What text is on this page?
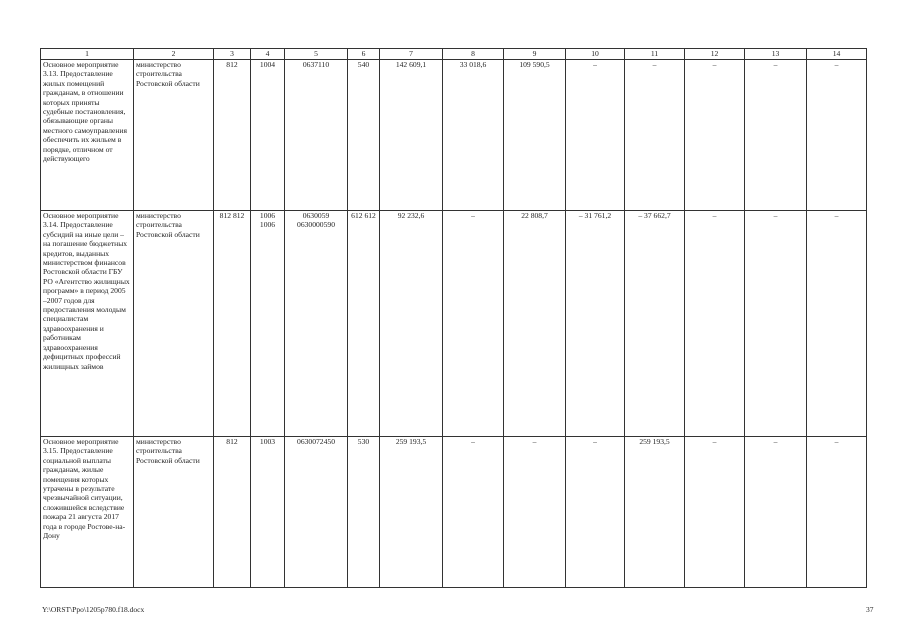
1	2	3	4	5	6	7	8	9	10	11	12	13	14
Основное мероприятие 3.13. Предоставление жилых помещений гражданам, в отношении которых приняты судебные постановления, обязывающие органы местного самоуправления обеспечить их жильем в порядке, отличном от действующего	министерство строительства Ростовской области	812	1004	0637110	540	142 609,1	33 018,6	109 590,5	–	–	–	–	–
Основное мероприятие 3.14. Предоставление субсидий на иные цели – на погашение бюджетных кредитов, выданных министерством финансов Ростовской области ГБУ РО «Агентство жилищных программ» в период 2005 –2007 годов для предоставления молодым специалистам здравоохранения и работникам здравоохранения дефицитных профессий жилищных займов	министерство строительства Ростовской области	812 812	1006 1006	0630059 0630000590	612 612	92 232,6	–	22 808,7	– 31 761,2	– 37 662,7	–	–	–
Основное мероприятие 3.15. Предоставление социальной выплаты гражданам, жилые помещения которых утрачены в результате чрезвычайной ситуации, сложившейся вследствие пожара 21 августа 2017 года в городе Ростове-на-Дону	министерство строительства Ростовской области	812	1003	0630072450	530	259 193,5	–	–	–	259 193,5	–	–	–
Y:\ORST\Ppo\1205p780.f18.docx	37
